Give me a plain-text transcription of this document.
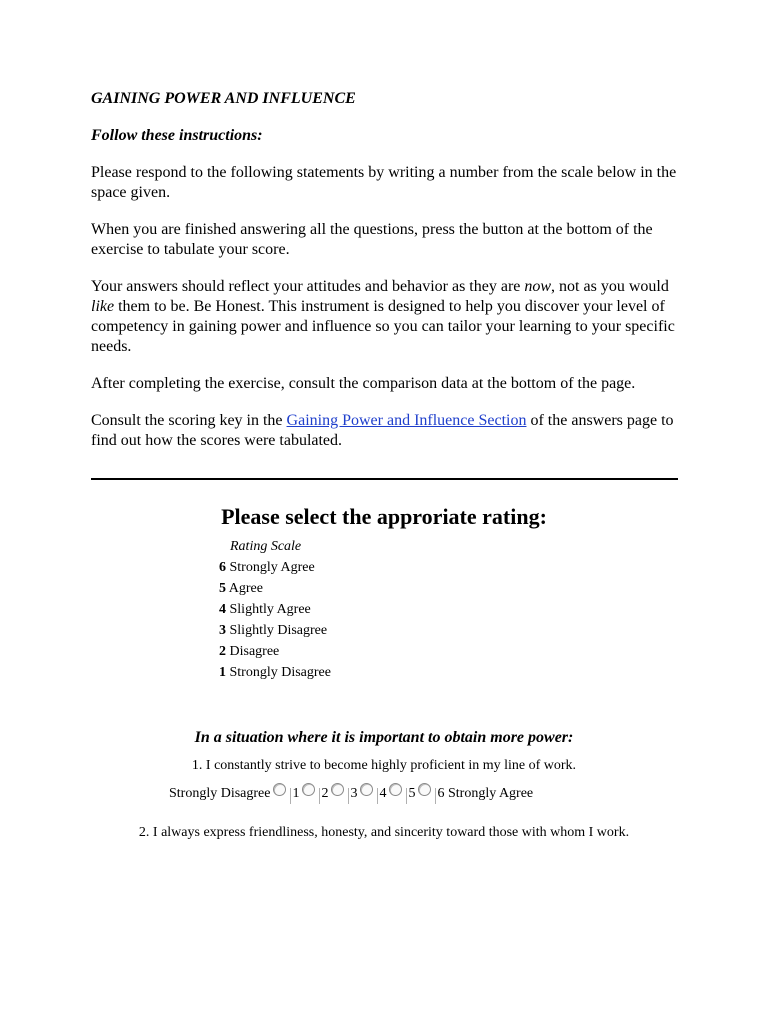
GAINING POWER AND INFLUENCE
Follow these instructions:

Please respond to the following statements by writing a number from the scale below in the space given.

When you are finished answering all the questions, press the button at the bottom of the exercise to tabulate your score.

Your answers should reflect your attitudes and behavior as they are now, not as you would like them to be. Be Honest. This instrument is designed to help you discover your level of competency in gaining power and influence so you can tailor your learning to your specific needs.

After completing the exercise, consult the comparison data at the bottom of the page.

Consult the scoring key in the Gaining Power and Influence Section of the answers page to find out how the scores were tabulated.

Please select the approriate rating:
Rating Scale
6 Strongly Agree
5 Agree
4 Slightly Agree
3 Slightly Disagree
2 Disagree
1 Strongly Disagree
In a situation where it is important to obtain more power:
1. I constantly strive to become highly proficient in my line of work.
Strongly Disagree 1 2 3 4 5 6 Strongly Agree
2. I always express friendliness, honesty, and sincerity toward those with whom I work.
